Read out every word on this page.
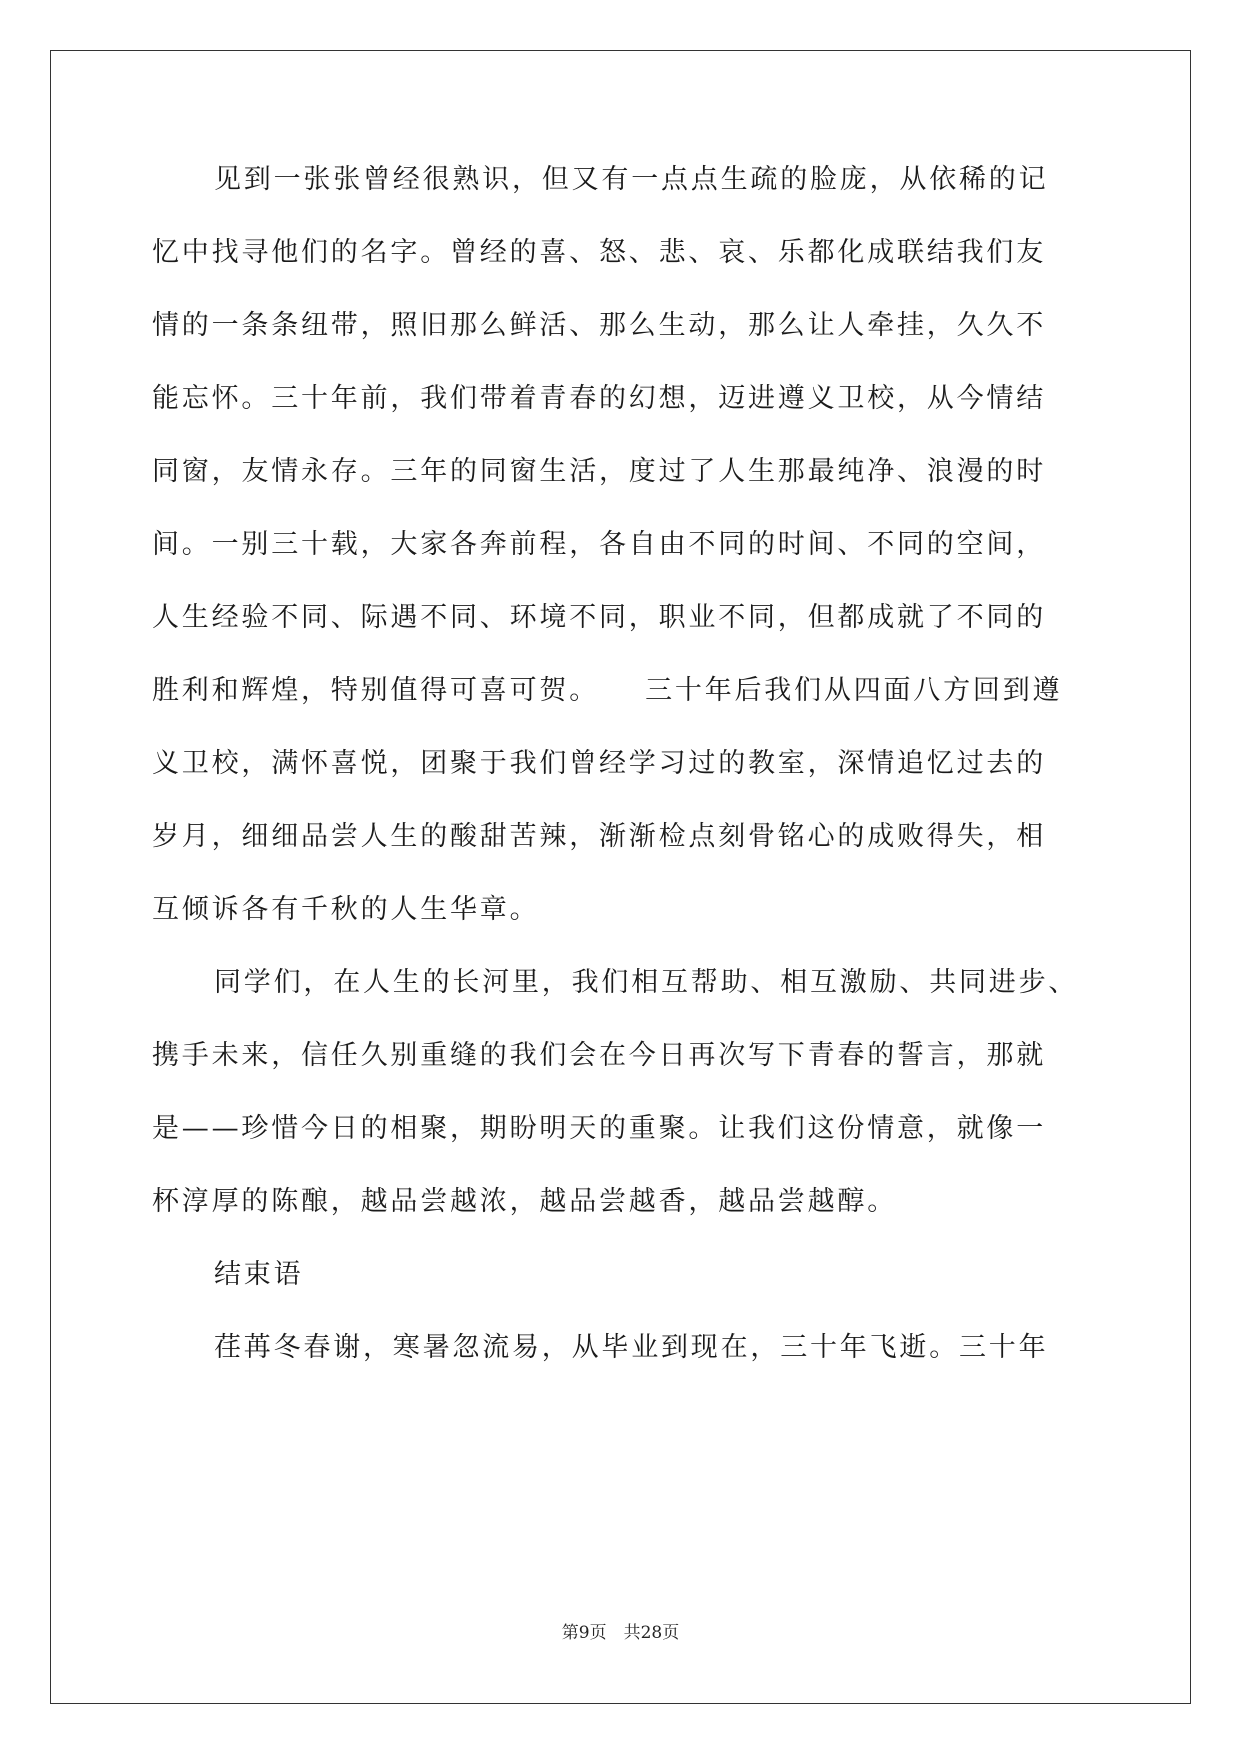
见到一张张曾经很熟识，但又有一点点生疏的脸庞，从依稀的记
忆中找寻他们的名字。曾经的喜、怒、悲、哀、乐都化成联结我们友
情的一条条纽带，照旧那么鲜活、那么生动，那么让人牵挂，久久不
能忘怀。三十年前，我们带着青春的幻想，迈进遵义卫校，从今情结
同窗，友情永存。三年的同窗生活，度过了人生那最纯净、浪漫的时
间。一别三十载，大家各奔前程，各自由不同的时间、不同的空间，
人生经验不同、际遇不同、环境不同，职业不同，但都成就了不同的
胜利和辉煌，特别值得可喜可贺。　　三十年后我们从四面八方回到遵
义卫校，满怀喜悦，团聚于我们曾经学习过的教室，深情追忆过去的
岁月，细细品尝人生的酸甜苦辣，渐渐检点刻骨铭心的成败得失，相
互倾诉各有千秋的人生华章。
同学们，在人生的长河里，我们相互帮助、相互激励、共同进步、
携手未来，信任久别重缝的我们会在今日再次写下青春的誓言，那就
是——珍惜今日的相聚，期盼明天的重聚。让我们这份情意，就像一
杯淳厚的陈酿，越品尝越浓，越品尝越香，越品尝越醇。
结束语
荏苒冬春谢，寒暑忽流易，从毕业到现在，三十年飞逝。三十年
第9页　 共28页
